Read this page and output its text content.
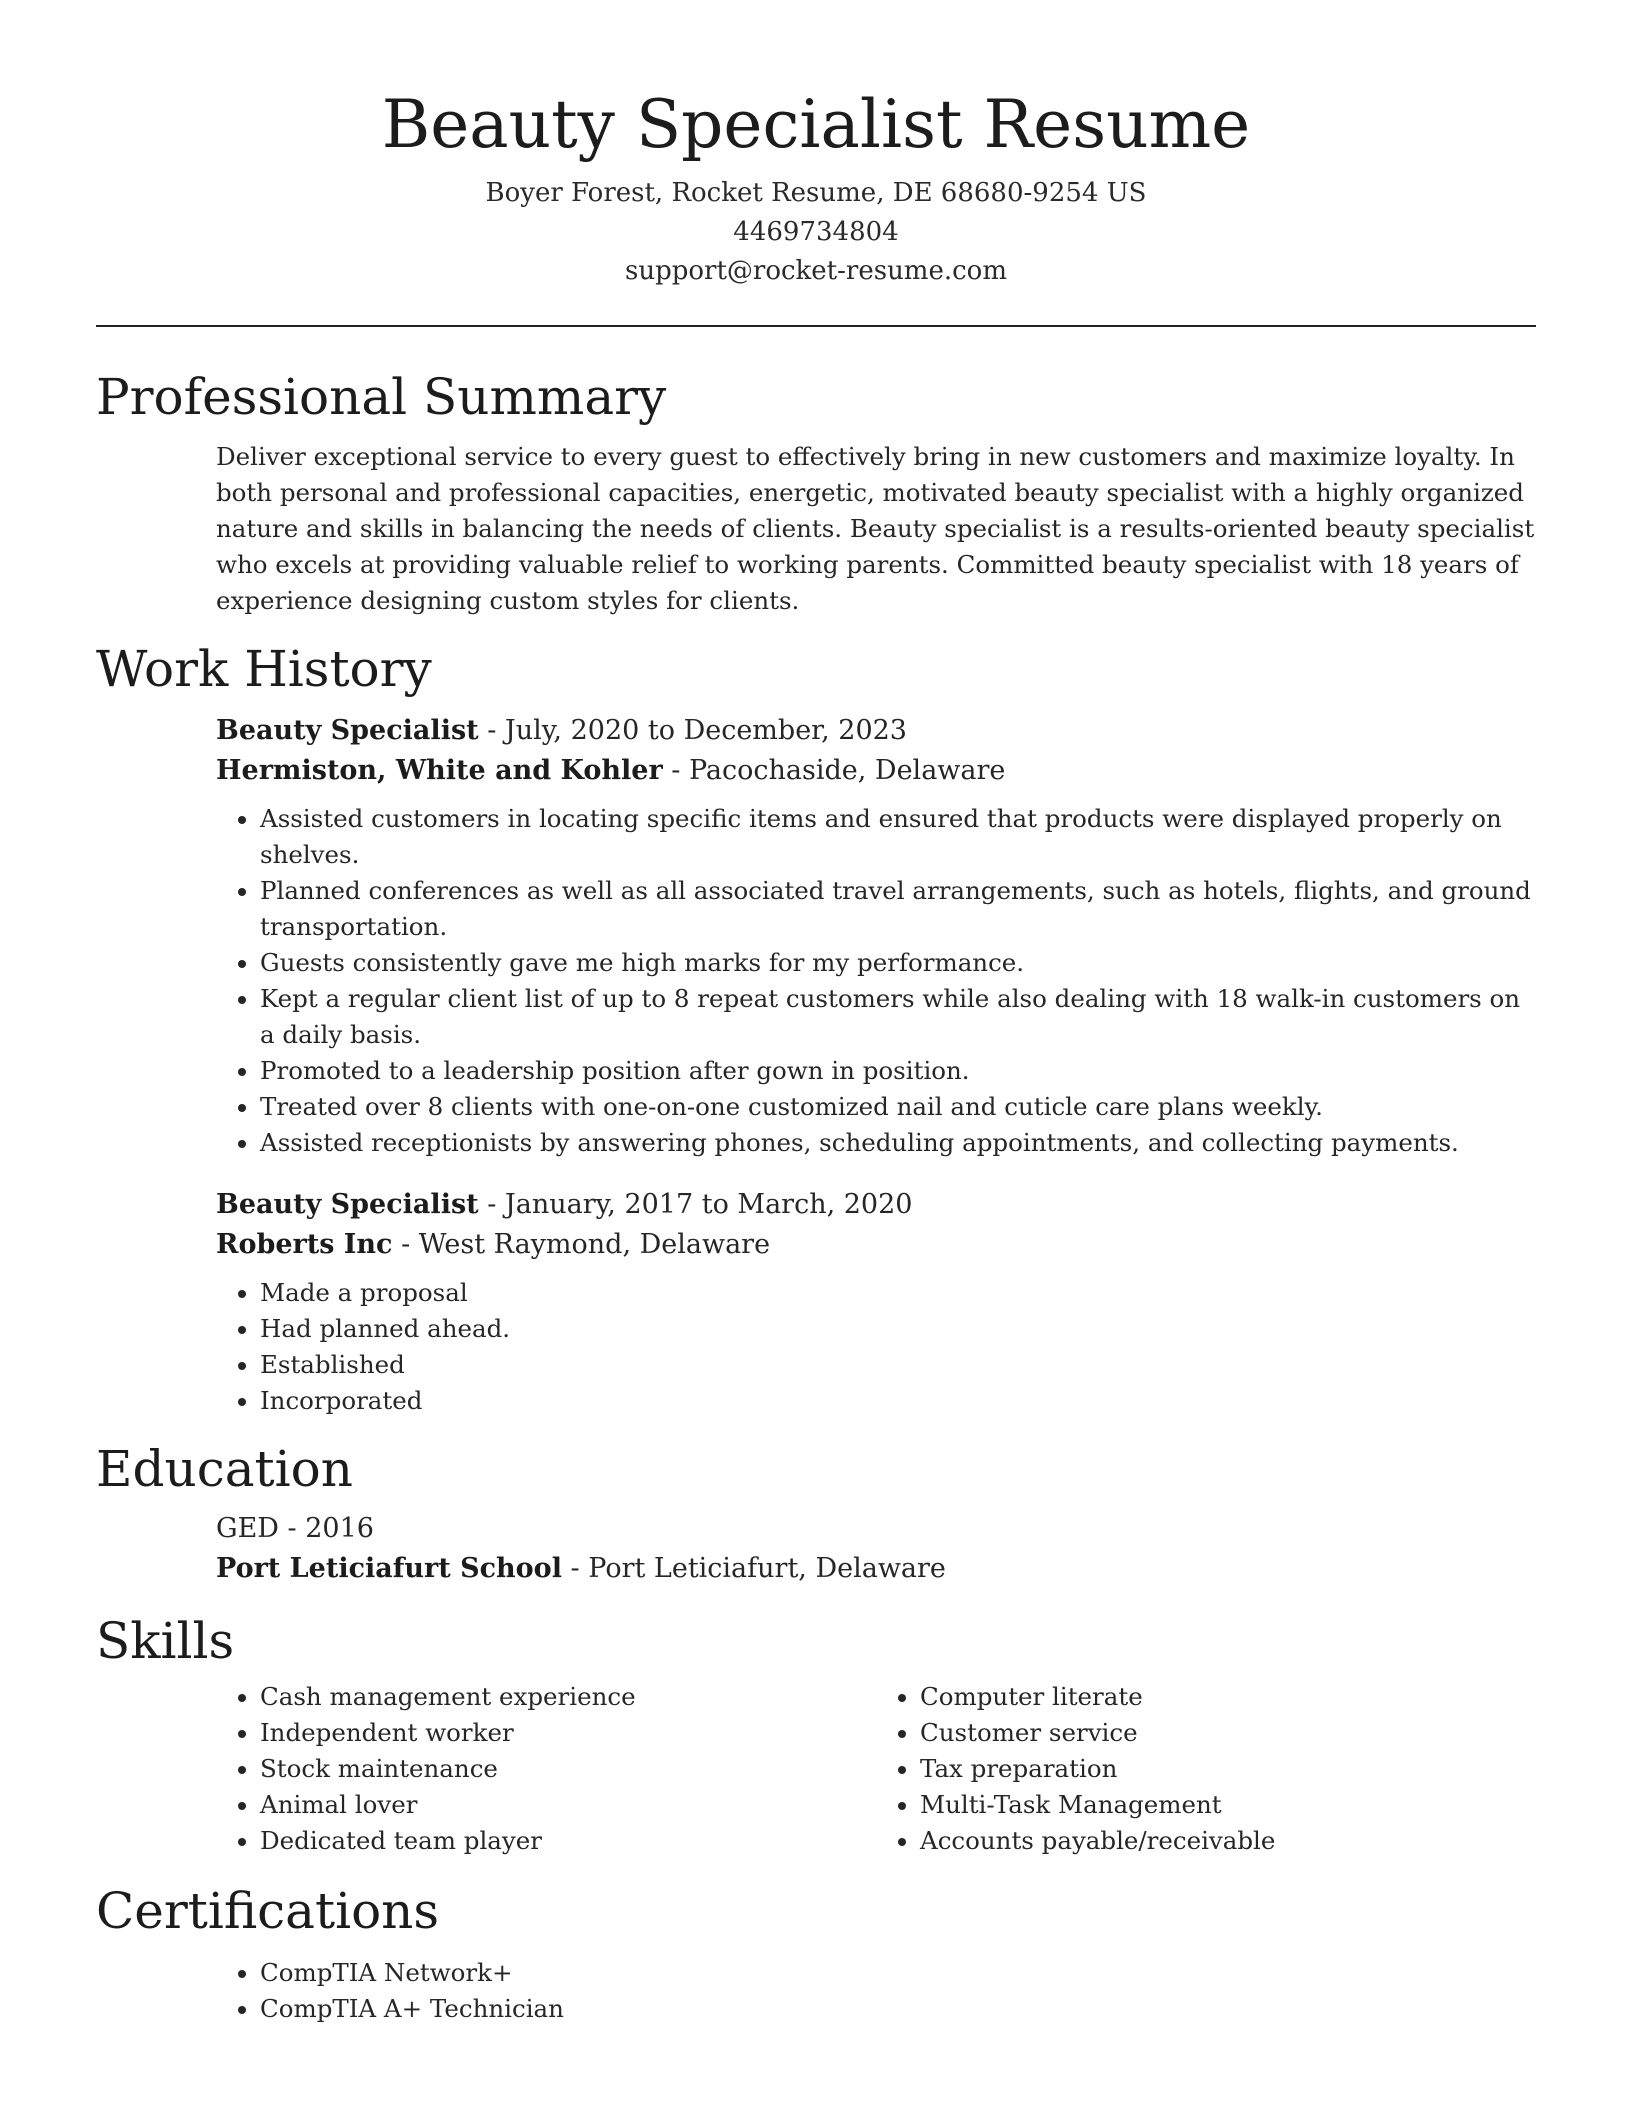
Beauty Specialist Resume
Boyer Forest, Rocket Resume, DE 68680-9254 US
4469734804
support@rocket-resume.com
Professional Summary

Deliver exceptional service to every guest to effectively bring in new customers and maximize loyalty. In both personal and professional capacities, energetic, motivated beauty specialist with a highly organized nature and skills in balancing the needs of clients. Beauty specialist is a results-oriented beauty specialist who excels at providing valuable relief to working parents. Committed beauty specialist with 18 years of experience designing custom styles for clients.

Work History
Beauty Specialist - July, 2020 to December, 2023
Hermiston, White and Kohler - Pacochaside, Delaware
• Assisted customers in locating specific items and ensured that products were displayed properly on shelves.
• Planned conferences as well as all associated travel arrangements, such as hotels, flights, and ground transportation.
• Guests consistently gave me high marks for my performance.
• Kept a regular client list of up to 8 repeat customers while also dealing with 18 walk-in customers on a daily basis.
• Promoted to a leadership position after gown in position.
• Treated over 8 clients with one-on-one customized nail and cuticle care plans weekly.
• Assisted receptionists by answering phones, scheduling appointments, and collecting payments.
Beauty Specialist - January, 2017 to March, 2020
Roberts Inc - West Raymond, Delaware
• Made a proposal
• Had planned ahead.
• Established
• Incorporated
Education
GED - 2016
Port Leticiafurt School - Port Leticiafurt, Delaware
Skills
• Cash management experience
• Independent worker
• Stock maintenance
• Animal lover
• Dedicated team player
• Computer literate
• Customer service
• Tax preparation
• Multi-Task Management
• Accounts payable/receivable
Certifications
• CompTIA Network+
• CompTIA A+ Technician
